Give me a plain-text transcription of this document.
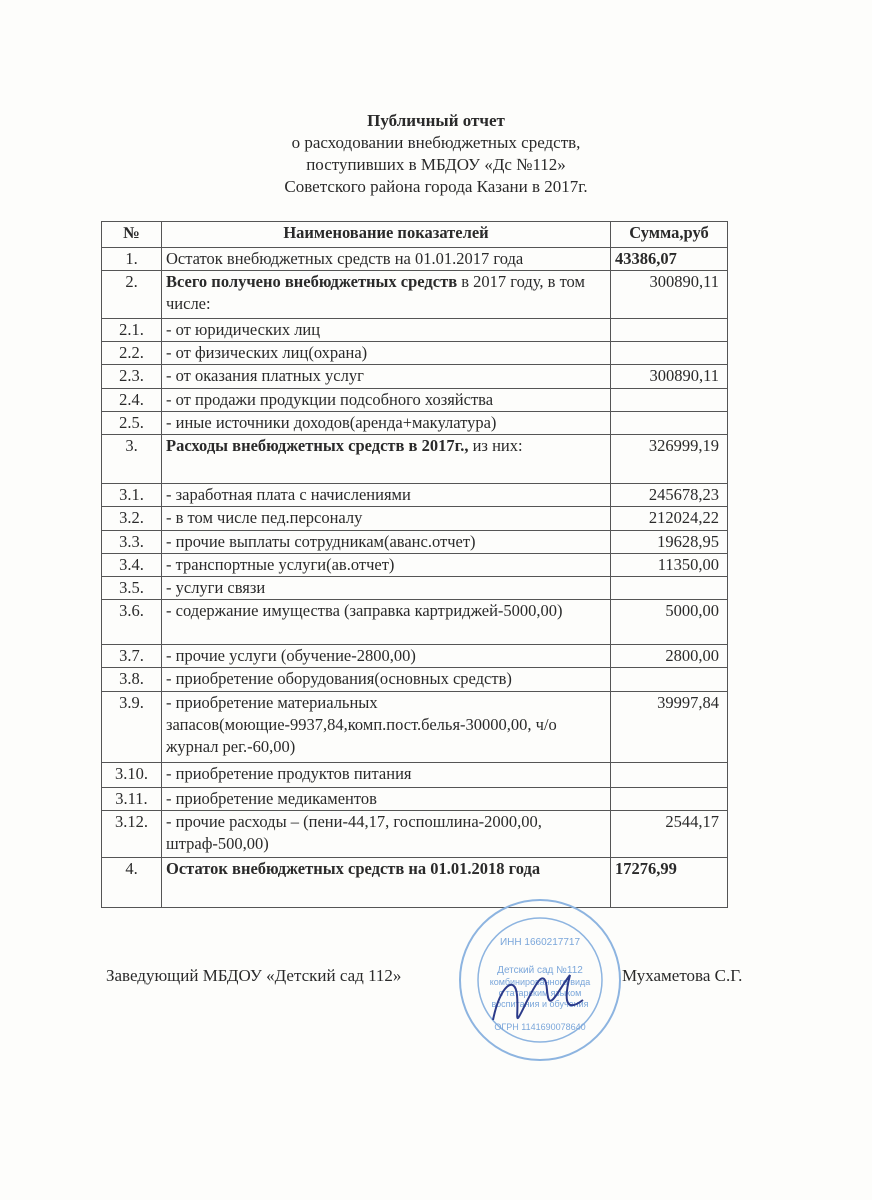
Публичный отчет
о расходовании внебюджетных средств,
поступивших в МБДОУ «Дс №112»
Советского района города Казани в 2017г.
№	Наименование показателей	Сумма,руб
1.	Остаток внебюджетных средств на 01.01.2017 года	43386,07
2.	Всего получено внебюджетных средств в 2017 году, в том числе:	300890,11
2.1.	- от юридических лиц	
2.2.	- от физических лиц(охрана)	
2.3.	- от оказания платных услуг	300890,11
2.4.	- от продажи продукции подсобного хозяйства	
2.5.	- иные источники доходов(аренда+макулатура)	
3.	Расходы внебюджетных средств в 2017г., из них:	326999,19
3.1.	- заработная плата с начислениями	245678,23
3.2.	- в том числе пед.персоналу	212024,22
3.3.	- прочие выплаты сотрудникам(аванс.отчет)	19628,95
3.4.	- транспортные услуги(ав.отчет)	11350,00
3.5.	- услуги связи	
3.6.	- содержание имущества (заправка картриджей-5000,00)	5000,00
3.7.	- прочие услуги (обучение-2800,00)	2800,00
3.8.	- приобретение оборудования(основных средств)	
3.9.	- приобретение материальных запасов(моющие-9937,84,комп.пост.белья-30000,00, ч/о журнал рег.-60,00)	39997,84
3.10.	- приобретение продуктов питания	
3.11.	- приобретение медикаментов	
3.12.	- прочие расходы – (пени-44,17, госпошлина-2000,00, штраф-500,00)	2544,17
4.	Остаток внебюджетных средств на 01.01.2018 года	17276,99
Заведующий МБДОУ «Детский сад 112»	Мухаметова С.Г.
ИНН 1660217717
Детский сад №112
комбинированного вида
с татарским языком
воспитания и обучения
ОГРН 1141690078640
